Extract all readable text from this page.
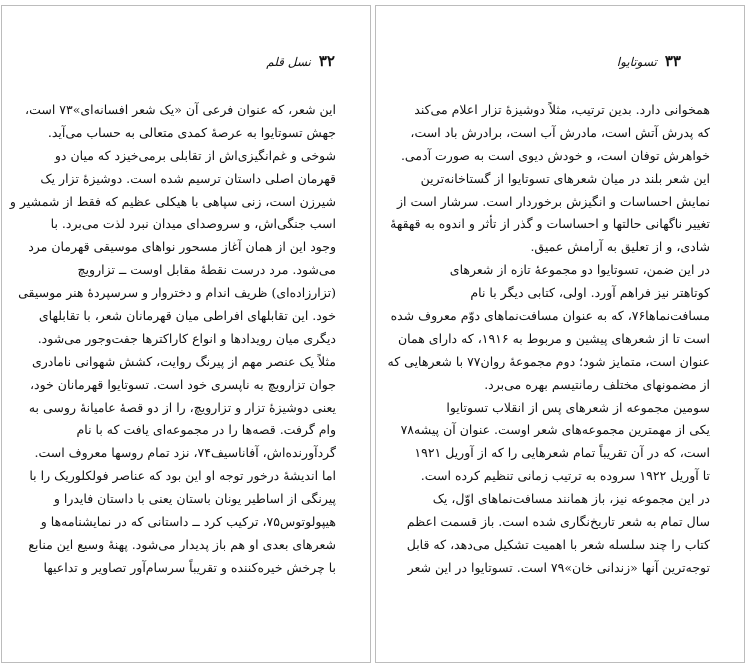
۳۲
نسل قلم
این شعر، که عنوان فرعی آن «یک شعر افسانه‌ای»۷۳ است،
جهش تسوتایوا به عرصهٔ کمدی متعالی به حساب می‌آید.
شوخی و غم‌انگیزی‌اش از تقابلی برمی‌خیزد که میان دو
قهرمان اصلی داستان ترسیم شده است. دوشیزهٔ تزار یک
شیرزن است، زنی سپاهی با هیکلی عظیم که فقط از شمشیر و
اسب جنگی‌اش، و سروصدای میدان نبرد لذت می‌برد. با
وجود این از همان آغاز مسحور نواهای موسیقی قهرمان مرد
می‌شود. مرد درست نقطهٔ مقابل اوست ــ تزارویچ
(تزارزاده‌ای) ظریف اندام و دختروار و سرسپردهٔ هنر موسیقی
خود. این تقابلهای افراطی میان قهرمانان شعر، با تقابلهای
دیگری میان رویدادها و انواع کاراکترها جفت‌وجور می‌شود.
مثلاً یک عنصر مهم از پیرنگ روایت، کشش شهوانی نامادری
جوان تزارویچ به ناپسری خود است. تسوتایوا قهرمانان خود،
یعنی دوشیزهٔ تزار و تزارویچ، را از دو قصهٔ عامیانهٔ روسی به
وام گرفت. قصه‌ها را در مجموعه‌ای یافت که با نام
گردآورنده‌اش، آفاناسیف۷۴، نزد تمام روسها معروف است.
اما اندیشهٔ درخور توجه او این بود که عناصر فولکلوریک را با
پیرنگی از اساطیر یونان باستان یعنی با داستان فایدرا و
هیپولوتوس۷۵، ترکیب کرد ــ داستانی که در نمایشنامه‌ها و
شعرهای بعدی او هم باز پدیدار می‌شود. پهنهٔ وسیع این منابع
با چرخش خیره‌کننده و تقریباً سرسام‌آور تصاویر و تداعیها
۳۳
تسوتایوا
همخوانی دارد. بدین ترتیب، مثلاً دوشیزهٔ تزار اعلام می‌کند
که پدرش آتش است، مادرش آب است، برادرش باد است،
خواهرش توفان است، و خودش دیوی است به صورت آدمی.
این شعر بلند در میان شعرهای تسوتایوا از گستاخانه‌ترین
نمایش احساسات و انگیزش برخوردار است. سرشار است از
تغییر ناگهانی حالتها و احساسات و گذر از تأثر و اندوه به قهقههٔ
شادی، و از تعلیق به آرامش عمیق.
در این ضمن، تسوتایوا دو مجموعهٔ تازه از شعرهای
کوتاهتر نیز فراهم آورد. اولی، کتابی دیگر با نام
مسافت‌نماها۷۶، که به عنوان مسافت‌نماهای دوّم معروف شده
است تا از شعرهای پیشین و مربوط به ۱۹۱۶، که دارای همان
عنوان است، متمایز شود؛ دوم مجموعهٔ روان۷۷ با شعرهایی که
از مضمونهای مختلف رمانتیسم بهره می‌برد.
سومین مجموعه از شعرهای پس از انقلاب تسوتایوا
یکی از مهمترین مجموعه‌های شعر اوست. عنوان آن پیشه۷۸
است، که در آن تقریباً تمام شعرهایی را که از آوریل ۱۹۲۱
تا آوریل ۱۹۲۲ سروده به ترتیب زمانی تنظیم کرده است.
در این مجموعه نیز، باز همانند مسافت‌نماهای اوّل، یک
سال تمام به شعر تاریخ‌نگاری شده است. باز قسمت اعظم
کتاب را چند سلسله شعر با اهمیت تشکیل می‌دهد، که قابل
توجه‌ترین آنها «زندانی خان»۷۹ است. تسوتایوا در این شعر
